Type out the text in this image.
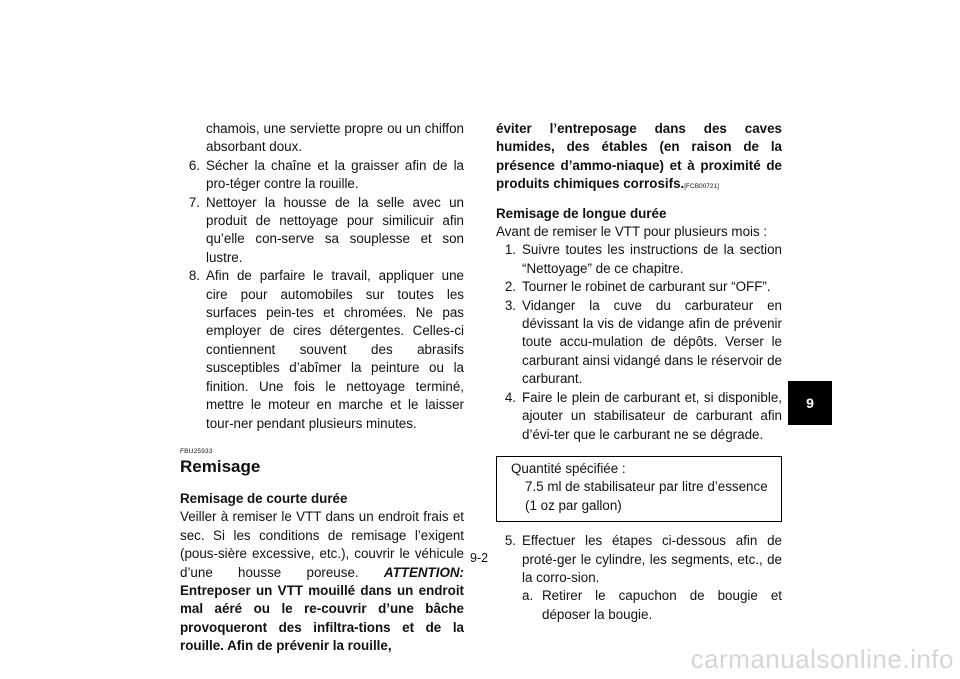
chamois, une serviette propre ou un chiffon absorbant doux.
6. Sécher la chaîne et la graisser afin de la pro-téger contre la rouille.
7. Nettoyer la housse de la selle avec un produit de nettoyage pour similicuir afin qu’elle con-serve sa souplesse et son lustre.
8. Afin de parfaire le travail, appliquer une cire pour automobiles sur toutes les surfaces pein-tes et chromées. Ne pas employer de cires détergentes. Celles-ci contiennent souvent des abrasifs susceptibles d’abîmer la peinture ou la finition. Une fois le nettoyage terminé, mettre le moteur en marche et le laisser tour-ner pendant plusieurs minutes.
FBU25933
Remisage
Remisage de courte durée
Veiller à remiser le VTT dans un endroit frais et sec. Si les conditions de remisage l’exigent (pous-sière excessive, etc.), couvrir le véhicule d’une housse poreuse. ATTENTION: Entreposer un VTT mouillé dans un endroit mal aéré ou le re-couvrir d’une bâche provoqueront des infiltra-tions et de la rouille. Afin de prévenir la rouille,
éviter l’entreposage dans des caves humides, des étables (en raison de la présence d’ammo-niaque) et à proximité de produits chimiques corrosifs.[FCB00721]
Remisage de longue durée
Avant de remiser le VTT pour plusieurs mois :
1. Suivre toutes les instructions de la section “Nettoyage” de ce chapitre.
2. Tourner le robinet de carburant sur “OFF”.
3. Vidanger la cuve du carburateur en dévissant la vis de vidange afin de prévenir toute accu-mulation de dépôts. Verser le carburant ainsi vidangé dans le réservoir de carburant.
4. Faire le plein de carburant et, si disponible, ajouter un stabilisateur de carburant afin d’évi-ter que le carburant ne se dégrade.
Quantité spécifiée :
7.5 ml de stabilisateur par litre d’essence
(1 oz par gallon)
5. Effectuer les étapes ci-dessous afin de proté-ger le cylindre, les segments, etc., de la corro-sion.
a. Retirer le capuchon de bougie et déposer la bougie.
9-2
9
carmanualsonline.info
